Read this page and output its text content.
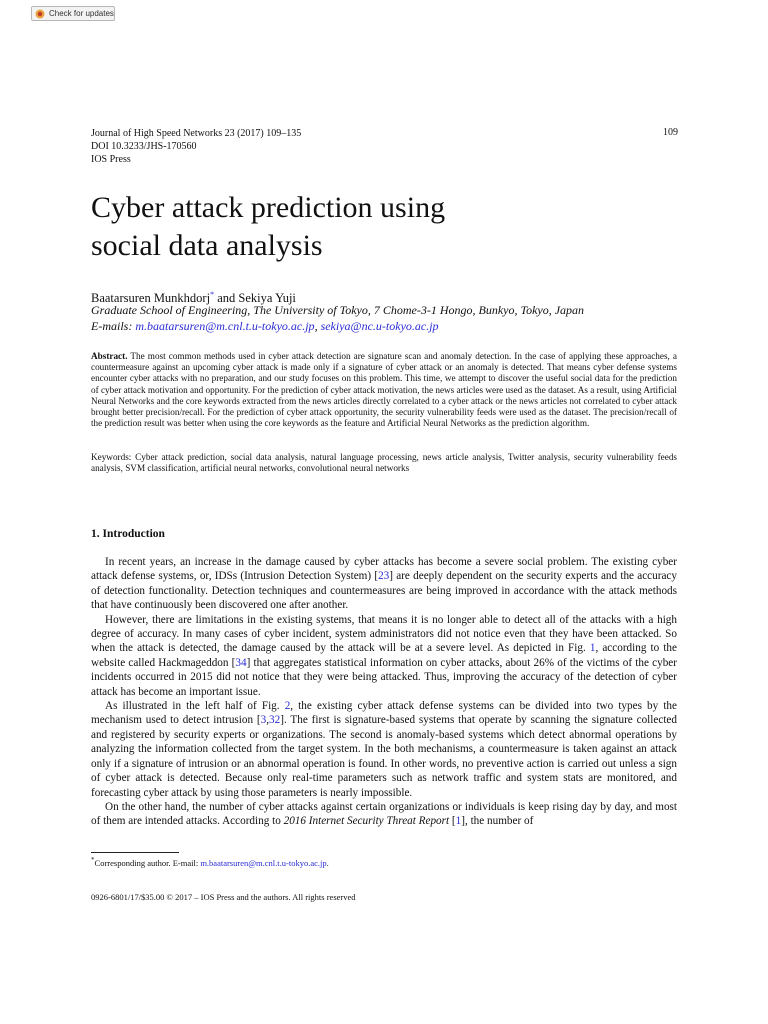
Check for updates
Journal of High Speed Networks 23 (2017) 109–135
DOI 10.3233/JHS-170560
IOS Press
109
Cyber attack prediction using
social data analysis
Baatarsuren Munkhdorj* and Sekiya Yuji
Graduate School of Engineering, The University of Tokyo, 7 Chome-3-1 Hongo, Bunkyo, Tokyo, Japan
E-mails: m.baatarsuren@m.cnl.t.u-tokyo.ac.jp, sekiya@nc.u-tokyo.ac.jp
Abstract. The most common methods used in cyber attack detection are signature scan and anomaly detection. In the case of applying these approaches, a countermeasure against an upcoming cyber attack is made only if a signature of cyber attack or an anomaly is detected. That means cyber defense systems encounter cyber attacks with no preparation, and our study focuses on this problem. This time, we attempt to discover the useful social data for the prediction of cyber attack motivation and opportunity. For the prediction of cyber attack motivation, the news articles were used as the dataset. As a result, using Artificial Neural Networks and the core keywords extracted from the news articles directly correlated to a cyber attack or the news articles not correlated to cyber attack brought better precision/recall. For the prediction of cyber attack opportunity, the security vulnerability feeds were used as the dataset. The precision/recall of the prediction result was better when using the core keywords as the feature and Artificial Neural Networks as the prediction algorithm.
Keywords: Cyber attack prediction, social data analysis, natural language processing, news article analysis, Twitter analysis, security vulnerability feeds analysis, SVM classification, artificial neural networks, convolutional neural networks
1. Introduction

In recent years, an increase in the damage caused by cyber attacks has become a severe social problem. The existing cyber attack defense systems, or, IDSs (Intrusion Detection System) [23] are deeply dependent on the security experts and the accuracy of detection functionality. Detection techniques and countermeasures are being improved in accordance with the attack methods that have continuously been discovered one after another.

However, there are limitations in the existing systems, that means it is no longer able to detect all of the attacks with a high degree of accuracy. In many cases of cyber incident, system administrators did not notice even that they have been attacked. So when the attack is detected, the damage caused by the attack will be at a severe level. As depicted in Fig. 1, according to the website called Hackmageddon [34] that aggregates statistical information on cyber attacks, about 26% of the victims of the cyber incidents occurred in 2015 did not notice that they were being attacked. Thus, improving the accuracy of the detection of cyber attack has become an important issue.

As illustrated in the left half of Fig. 2, the existing cyber attack defense systems can be divided into two types by the mechanism used to detect intrusion [3,32]. The first is signature-based systems that operate by scanning the signature collected and registered by security experts or organizations. The second is anomaly-based systems which detect abnormal operations by analyzing the information collected from the target system. In the both mechanisms, a countermeasure is taken against an attack only if a signature of intrusion or an abnormal operation is found. In other words, no preventive action is carried out unless a sign of cyber attack is detected. Because only real-time parameters such as network traffic and system stats are monitored, and forecasting cyber attack by using those parameters is nearly impossible.

On the other hand, the number of cyber attacks against certain organizations or individuals is keep rising day by day, and most of them are intended attacks. According to 2016 Internet Security Threat Report [1], the number of

*Corresponding author. E-mail: m.baatarsuren@m.cnl.t.u-tokyo.ac.jp.
0926-6801/17/$35.00 © 2017 – IOS Press and the authors. All rights reserved
